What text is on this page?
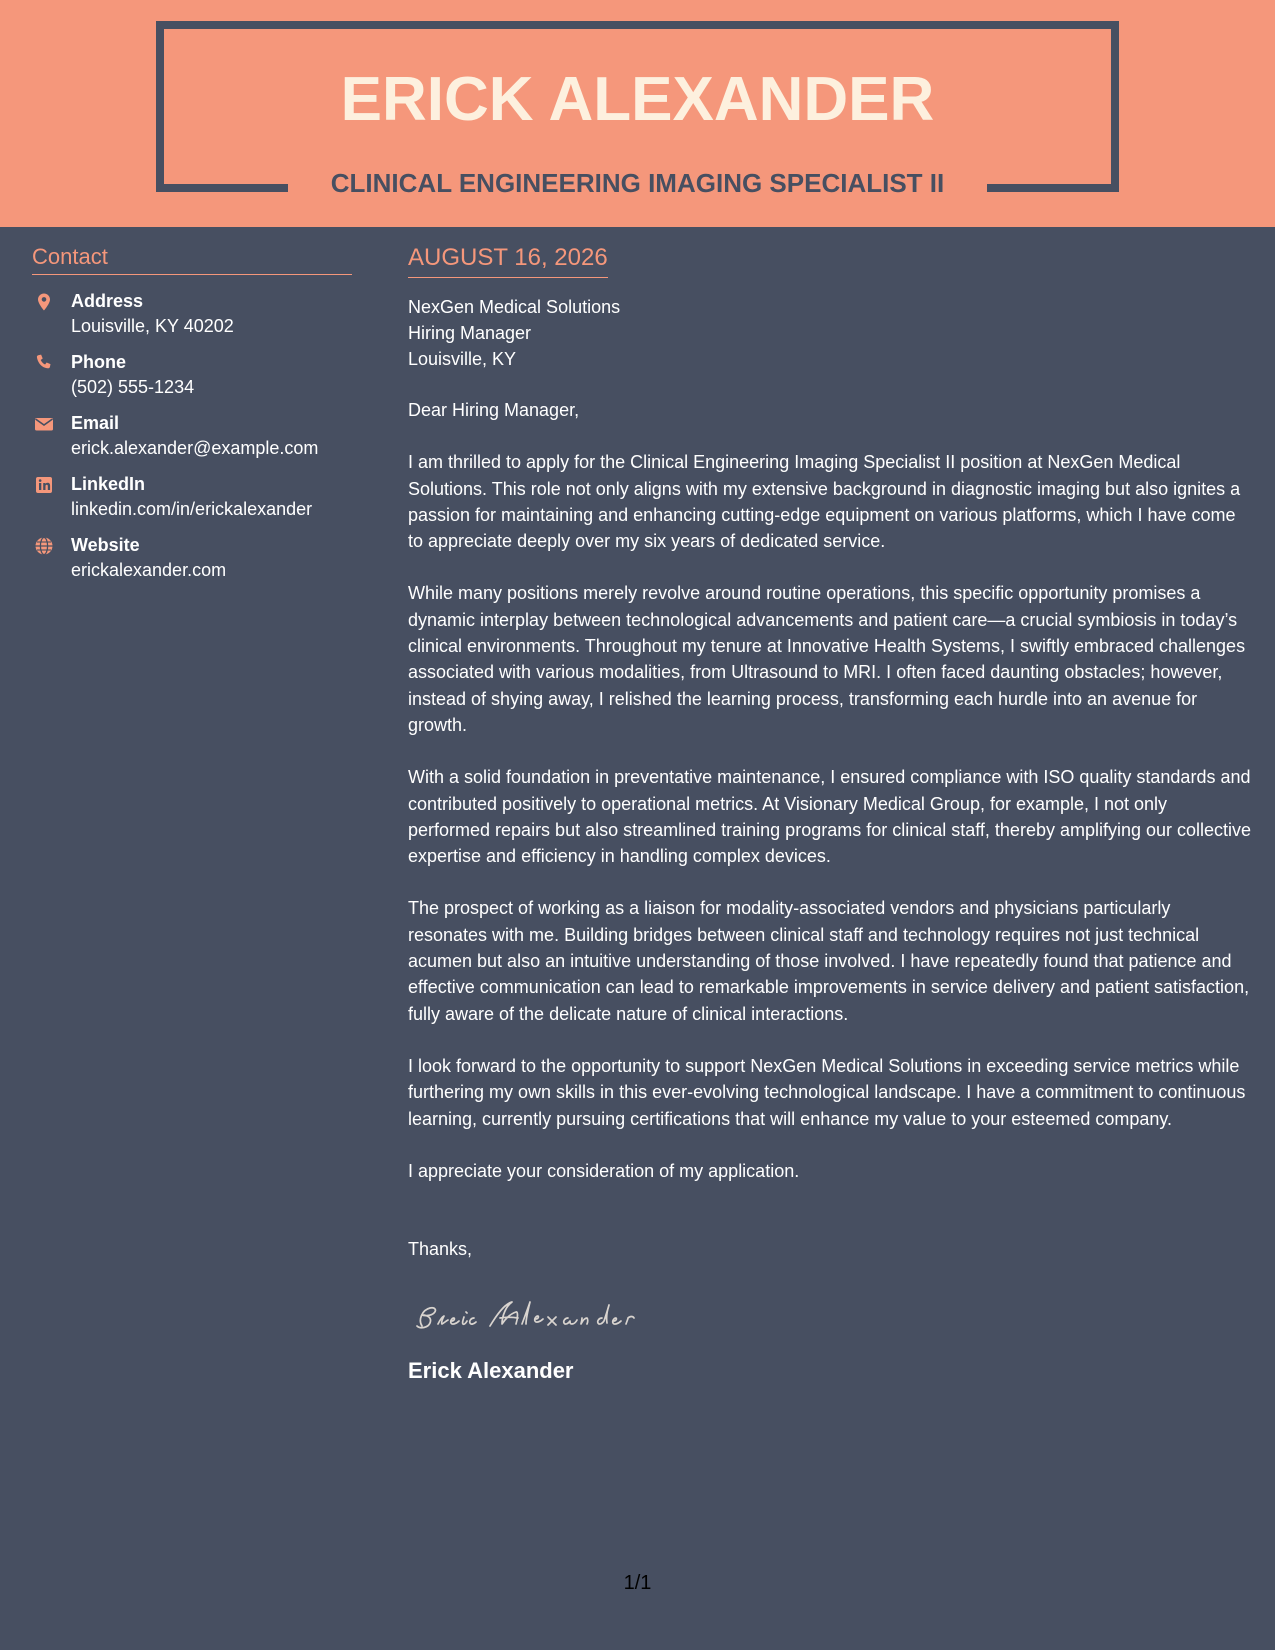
ERICK ALEXANDER
CLINICAL ENGINEERING IMAGING SPECIALIST II
Contact
Address
Louisville, KY 40202
Phone
(502) 555-1234
Email
erick.alexander@example.com
LinkedIn
linkedin.com/in/erickalexander
Website
erickalexander.com
AUGUST 16, 2026
NexGen Medical Solutions
Hiring Manager
Louisville, KY

Dear Hiring Manager,

I am thrilled to apply for the Clinical Engineering Imaging Specialist II position at NexGen Medical Solutions. This role not only aligns with my extensive background in diagnostic imaging but also ignites a passion for maintaining and enhancing cutting-edge equipment on various platforms, which I have come to appreciate deeply over my six years of dedicated service.

While many positions merely revolve around routine operations, this specific opportunity promises a dynamic interplay between technological advancements and patient care—a crucial symbiosis in today’s clinical environments. Throughout my tenure at Innovative Health Systems, I swiftly embraced challenges associated with various modalities, from Ultrasound to MRI. I often faced daunting obstacles; however, instead of shying away, I relished the learning process, transforming each hurdle into an avenue for growth.

With a solid foundation in preventative maintenance, I ensured compliance with ISO quality standards and contributed positively to operational metrics. At Visionary Medical Group, for example, I not only performed repairs but also streamlined training programs for clinical staff, thereby amplifying our collective expertise and efficiency in handling complex devices.

The prospect of working as a liaison for modality-associated vendors and physicians particularly resonates with me. Building bridges between clinical staff and technology requires not just technical acumen but also an intuitive understanding of those involved. I have repeatedly found that patience and effective communication can lead to remarkable improvements in service delivery and patient satisfaction, fully aware of the delicate nature of clinical interactions.

I look forward to the opportunity to support NexGen Medical Solutions in exceeding service metrics while furthering my own skills in this ever-evolving technological landscape. I have a commitment to continuous learning, currently pursuing certifications that will enhance my value to your esteemed company.

I appreciate your consideration of my application.

Thanks,
Erick Alexander
1/1
